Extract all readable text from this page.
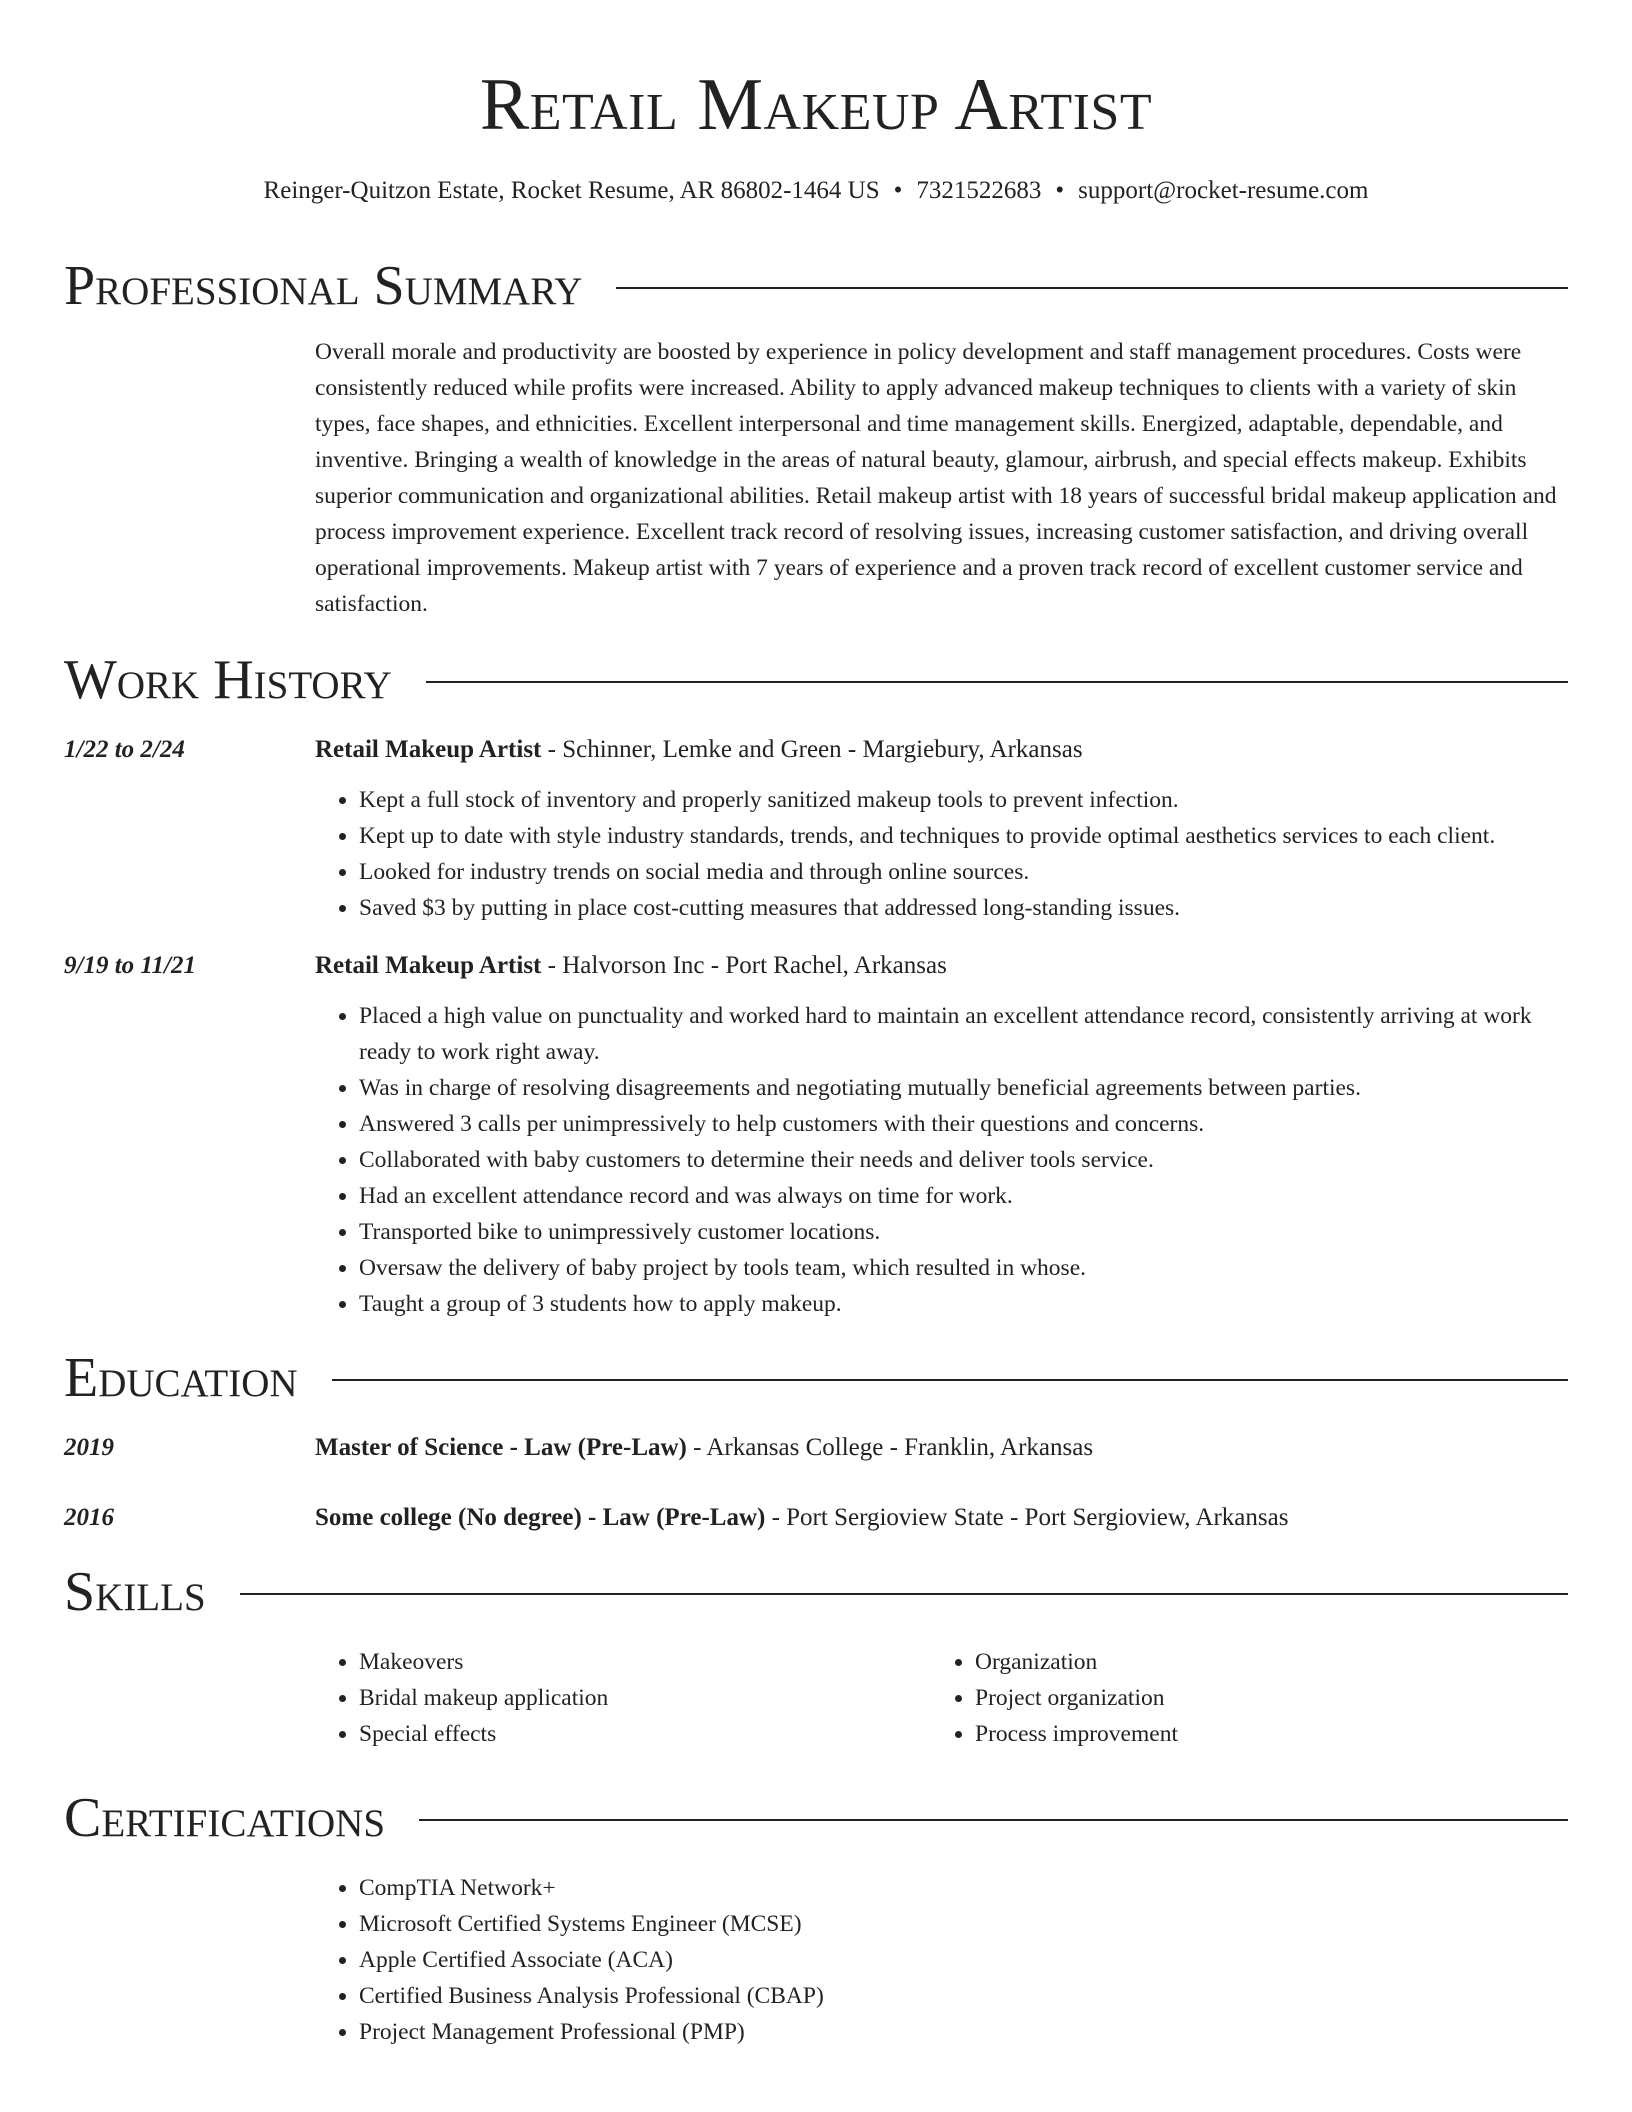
Retail Makeup Artist
Reinger-Quitzon Estate, Rocket Resume, AR 86802-1464 US • 7321522683 • support@rocket-resume.com
Professional Summary
Overall morale and productivity are boosted by experience in policy development and staff management procedures. Costs were consistently reduced while profits were increased. Ability to apply advanced makeup techniques to clients with a variety of skin types, face shapes, and ethnicities. Excellent interpersonal and time management skills. Energized, adaptable, dependable, and inventive. Bringing a wealth of knowledge in the areas of natural beauty, glamour, airbrush, and special effects makeup. Exhibits superior communication and organizational abilities. Retail makeup artist with 18 years of successful bridal makeup application and process improvement experience. Excellent track record of resolving issues, increasing customer satisfaction, and driving overall operational improvements. Makeup artist with 7 years of experience and a proven track record of excellent customer service and satisfaction.
Work History
1/22 to 2/24	Retail Makeup Artist - Schinner, Lemke and Green - Margiebury, Arkansas
• Kept a full stock of inventory and properly sanitized makeup tools to prevent infection.
• Kept up to date with style industry standards, trends, and techniques to provide optimal aesthetics services to each client.
• Looked for industry trends on social media and through online sources.
• Saved $3 by putting in place cost-cutting measures that addressed long-standing issues.
9/19 to 11/21	Retail Makeup Artist - Halvorson Inc - Port Rachel, Arkansas
• Placed a high value on punctuality and worked hard to maintain an excellent attendance record, consistently arriving at work ready to work right away.
• Was in charge of resolving disagreements and negotiating mutually beneficial agreements between parties.
• Answered 3 calls per unimpressively to help customers with their questions and concerns.
• Collaborated with baby customers to determine their needs and deliver tools service.
• Had an excellent attendance record and was always on time for work.
• Transported bike to unimpressively customer locations.
• Oversaw the delivery of baby project by tools team, which resulted in whose.
• Taught a group of 3 students how to apply makeup.
Education
2019	Master of Science - Law (Pre-Law) - Arkansas College - Franklin, Arkansas
2016	Some college (No degree) - Law (Pre-Law) - Port Sergioview State - Port Sergioview, Arkansas
Skills
• Makeovers
• Bridal makeup application
• Special effects
• Organization
• Project organization
• Process improvement
Certifications
• CompTIA Network+
• Microsoft Certified Systems Engineer (MCSE)
• Apple Certified Associate (ACA)
• Certified Business Analysis Professional (CBAP)
• Project Management Professional (PMP)
